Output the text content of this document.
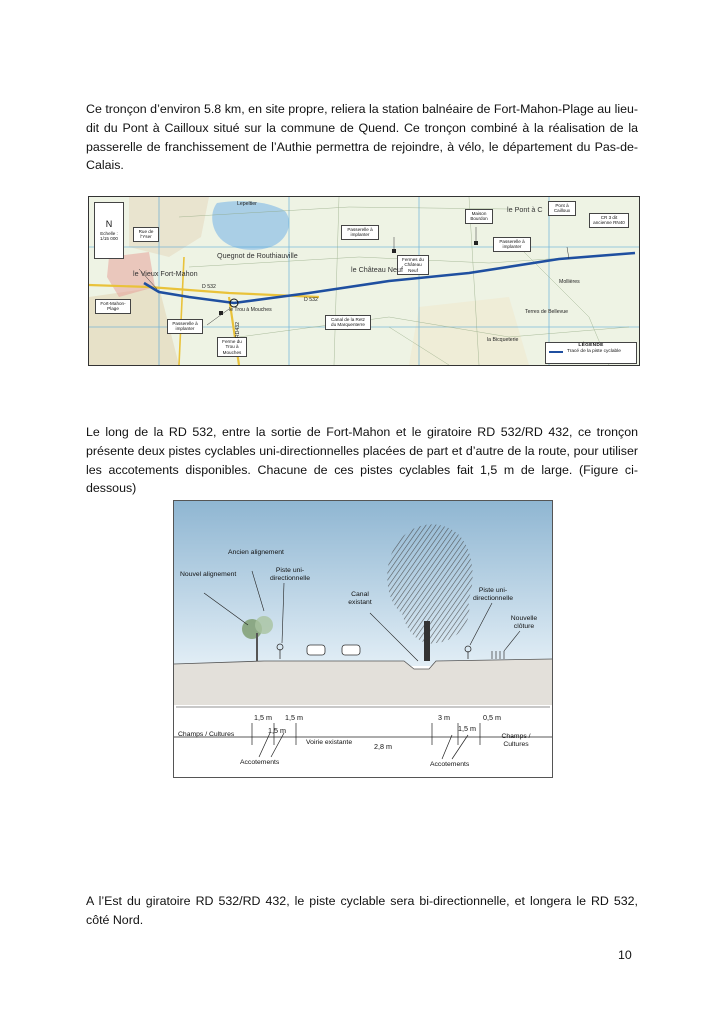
Ce tronçon d’environ 5.8 km, en site propre, reliera la station balnéaire de Fort-Mahon-Plage au lieu-dit du Pont à Cailloux situé sur la commune de Quend. Ce tronçon combiné à la réalisation de la passerelle de franchissement de l’Authie permettra de rejoindre, à vélo, le département du Pas-de-Calais.

N
Echelle :
1/15 000
Rue de l'Yser
Fort-Mahon-Plage
Passerelle à implanter
Ferme du Trou à Mouches
Canal de la Retz du Marquenterre
Passerelle à implanter
Fermes du Château Neuf
Maison Bourdon
Passerelle à implanter
Pont à Cailloux
CR 3 dit ancienne RN40
Lepeltier
le Vieux Fort-Mahon
Quegnot de Routhiauville
le Château Neuf
le Trou à Mouches
le Pont à C
Mollières
Terres de Bellevue
la Bicqueterie
D 532
D 532
RD432
LÉGENDE
Tracé de la piste cyclable

Le long de la RD 532, entre la sortie de Fort-Mahon et le giratoire RD 532/RD 432, ce tronçon présente deux pistes cyclables uni-directionnelles placées de part et d’autre de la route, pour utiliser les accotements disponibles. Chacune de ces pistes cyclables fait 1,5 m de large. (Figure ci-dessous)

Nouvel alignement
Ancien alignement
Piste uni-directionnelle
Canal existant
Piste uni-directionnelle
Nouvelle clôture
1,5 m 1,5 m
1,5 m
2,8 m
3 m	0,5 m
1,5 m
Champs / Cultures
Voirie existante
Champs / Cultures
Accotements	Accotements

A l’Est du giratoire RD 532/RD 432, le piste cyclable sera bi-directionnelle, et longera le RD 532, côté Nord.

10
